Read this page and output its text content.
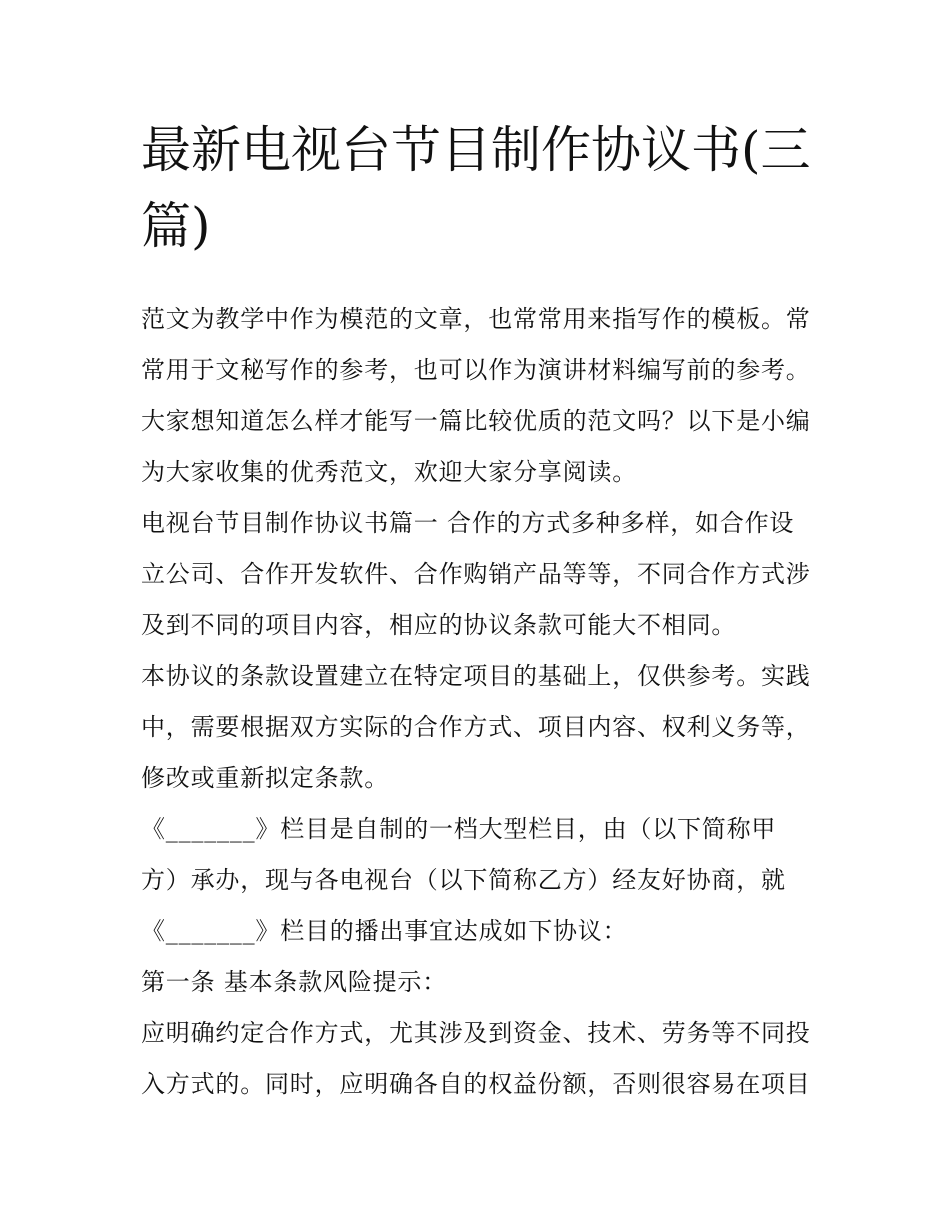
最新电视台节目制作协议书(三
篇)

范文为教学中作为模范的文章，也常常用来指写作的模板。常
常用于文秘写作的参考，也可以作为演讲材料编写前的参考。
大家想知道怎么样才能写一篇比较优质的范文吗？以下是小编
为大家收集的优秀范文，欢迎大家分享阅读。

电视台节目制作协议书篇一 合作的方式多种多样，如合作设
立公司、合作开发软件、合作购销产品等等，不同合作方式涉
及到不同的项目内容，相应的协议条款可能大不相同。

本协议的条款设置建立在特定项目的基础上，仅供参考。实践
中，需要根据双方实际的合作方式、项目内容、权利义务等，
修改或重新拟定条款。

《_______》栏目是自制的一档大型栏目，由（以下简称甲
方）承办，现与各电视台（以下简称乙方）经友好协商，就
《_______》栏目的播出事宜达成如下协议：

第一条 基本条款风险提示：

应明确约定合作方式，尤其涉及到资金、技术、劳务等不同投
入方式的。同时，应明确各自的权益份额，否则很容易在项目
